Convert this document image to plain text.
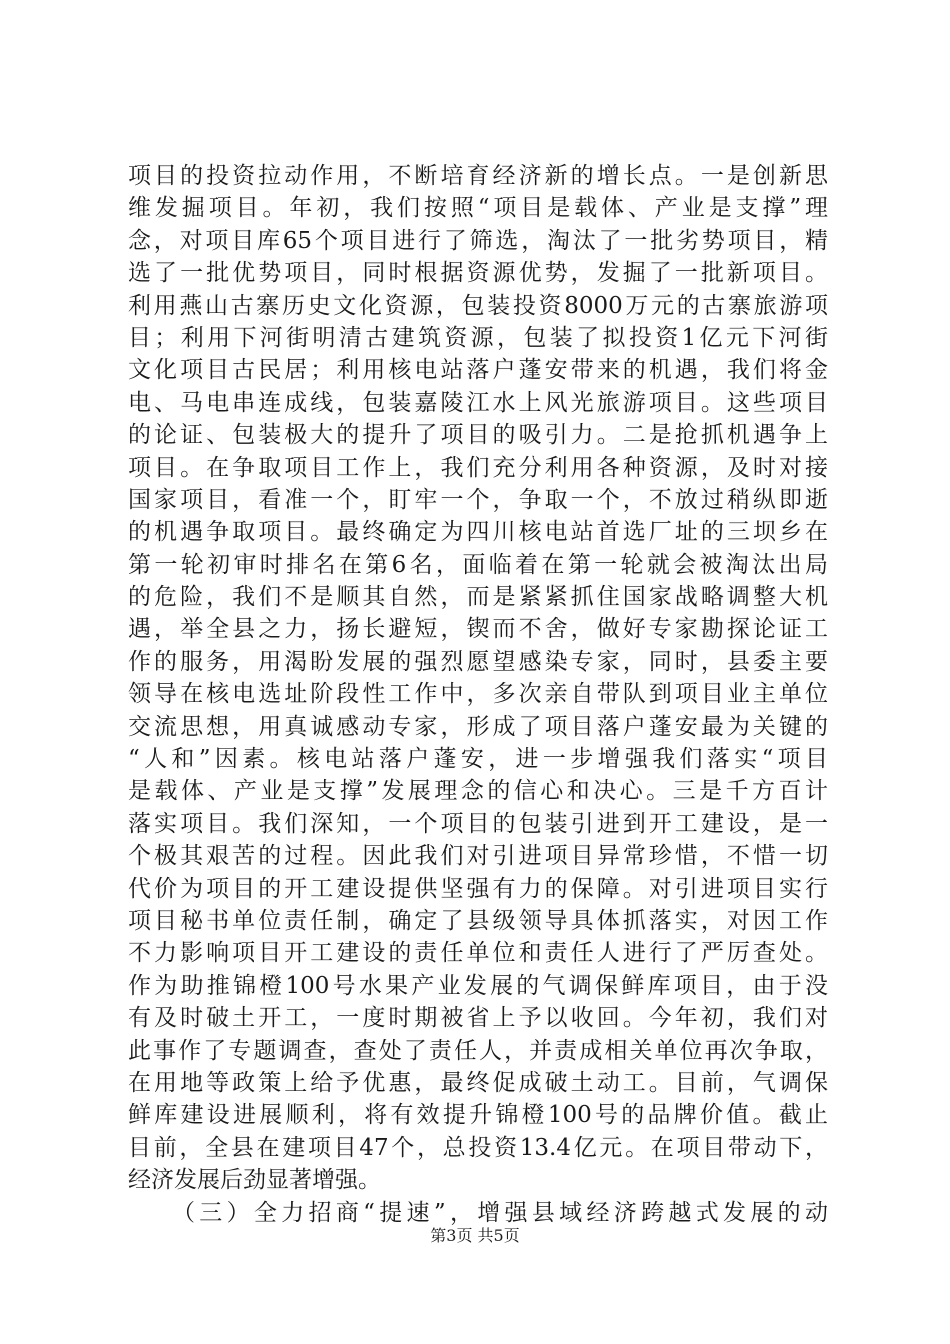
项目的投资拉动作用，不断培育经济新的增长点。一是创新思
维发掘项目。年初，我们按照“项目是载体、产业是支撑”理
念，对项目库65个项目进行了筛选，淘汰了一批劣势项目，精
选了一批优势项目，同时根据资源优势，发掘了一批新项目。
利用燕山古寨历史文化资源，包装投资8000万元的古寨旅游项
目；利用下河街明清古建筑资源，包装了拟投资1亿元下河街
文化项目古民居；利用核电站落户蓬安带来的机遇，我们将金
电、马电串连成线，包装嘉陵江水上风光旅游项目。这些项目
的论证、包装极大的提升了项目的吸引力。二是抢抓机遇争上
项目。在争取项目工作上，我们充分利用各种资源，及时对接
国家项目，看准一个，盯牢一个，争取一个，不放过稍纵即逝
的机遇争取项目。最终确定为四川核电站首选厂址的三坝乡在
第一轮初审时排名在第6名，面临着在第一轮就会被淘汰出局
的危险，我们不是顺其自然，而是紧紧抓住国家战略调整大机
遇，举全县之力，扬长避短，锲而不舍，做好专家勘探论证工
作的服务，用渴盼发展的强烈愿望感染专家，同时，县委主要
领导在核电选址阶段性工作中，多次亲自带队到项目业主单位
交流思想，用真诚感动专家，形成了项目落户蓬安最为关键的
“人和”因素。核电站落户蓬安，进一步增强我们落实“项目
是载体、产业是支撑”发展理念的信心和决心。三是千方百计
落实项目。我们深知，一个项目的包装引进到开工建设，是一
个极其艰苦的过程。因此我们对引进项目异常珍惜，不惜一切
代价为项目的开工建设提供坚强有力的保障。对引进项目实行
项目秘书单位责任制，确定了县级领导具体抓落实，对因工作
不力影响项目开工建设的责任单位和责任人进行了严厉查处。
作为助推锦橙100号水果产业发展的气调保鲜库项目，由于没
有及时破土开工，一度时期被省上予以收回。今年初，我们对
此事作了专题调查，查处了责任人，并责成相关单位再次争取，
在用地等政策上给予优惠，最终促成破土动工。目前，气调保
鲜库建设进展顺利，将有效提升锦橙100号的品牌价值。截止
目前，全县在建项目47个，总投资13.4亿元。在项目带动下，
经济发展后劲显著增强。
（三）全力招商“提速”，增强县域经济跨越式发展的动
第3页 共5页
